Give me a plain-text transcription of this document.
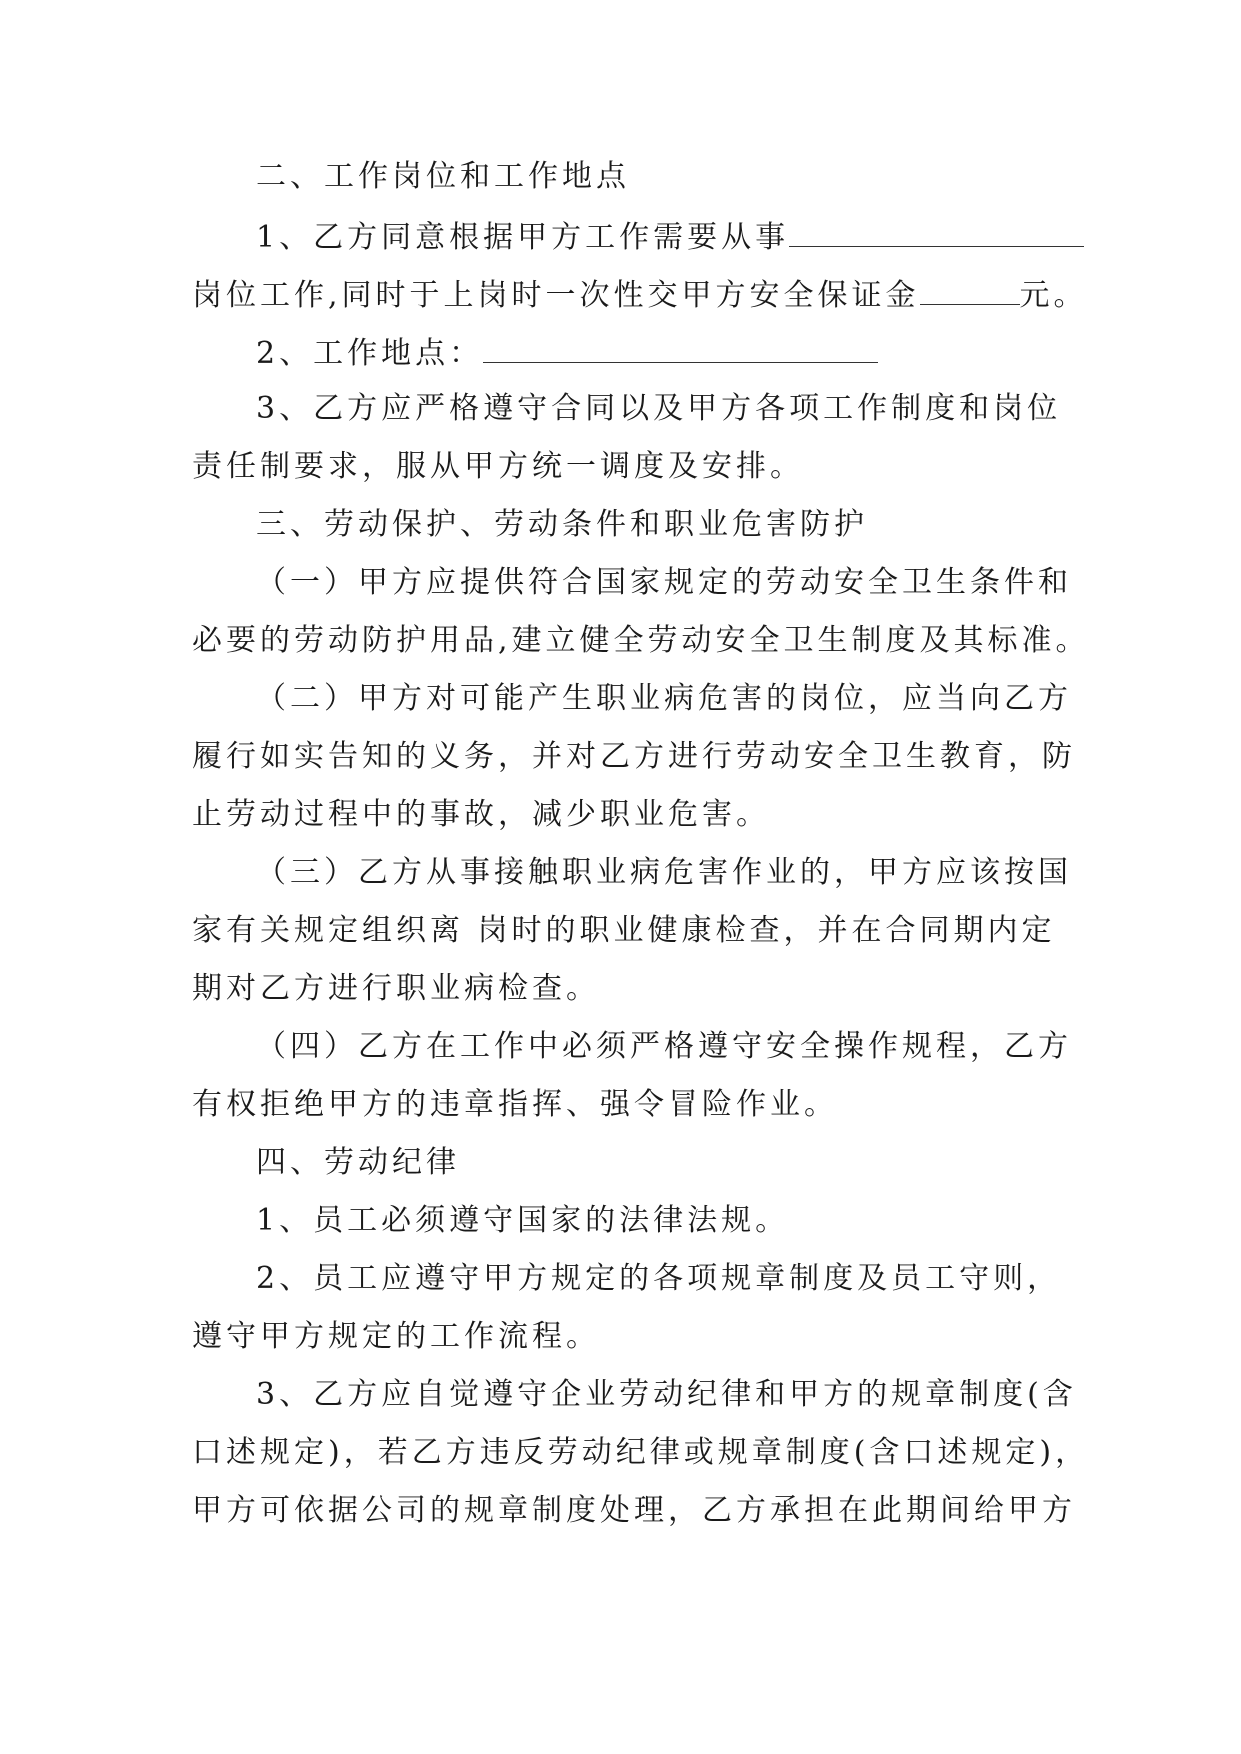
二、工作岗位和工作地点
1、乙方同意根据甲方工作需要从事
岗位工作,同时于上岗时一次性交甲方安全保证金	元。
2、工作地点：
3、乙方应严格遵守合同以及甲方各项工作制度和岗位
责任制要求，服从甲方统一调度及安排。
三、劳动保护、劳动条件和职业危害防护
（一）甲方应提供符合国家规定的劳动安全卫生条件和
必要的劳动防护用品,建立健全劳动安全卫生制度及其标准。
（二）甲方对可能产生职业病危害的岗位，应当向乙方
履行如实告知的义务，并对乙方进行劳动安全卫生教育，防
止劳动过程中的事故，减少职业危害。
（三）乙方从事接触职业病危害作业的，甲方应该按国
家有关规定组织离 岗时的职业健康检查，并在合同期内定
期对乙方进行职业病检查。
（四）乙方在工作中必须严格遵守安全操作规程，乙方
有权拒绝甲方的违章指挥、强令冒险作业。
四、劳动纪律
1、员工必须遵守国家的法律法规。
2、员工应遵守甲方规定的各项规章制度及员工守则，
遵守甲方规定的工作流程。
3、乙方应自觉遵守企业劳动纪律和甲方的规章制度(含
口述规定)，若乙方违反劳动纪律或规章制度(含口述规定)，
甲方可依据公司的规章制度处理，乙方承担在此期间给甲方
